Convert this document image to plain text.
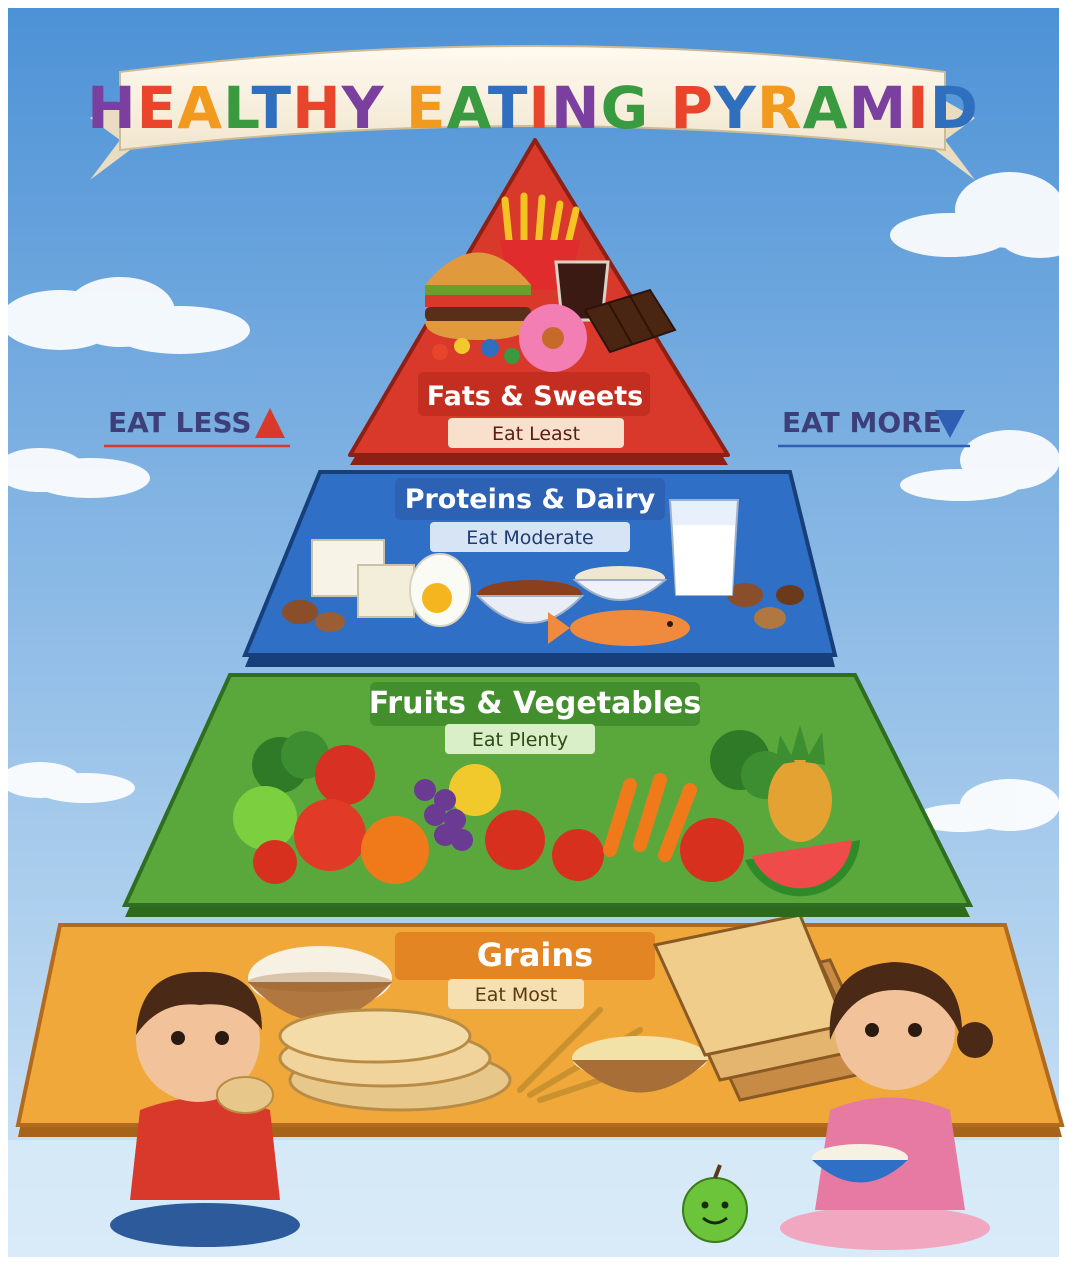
HEALTHY EATING PYRAMID
EAT LESS	EAT MORE
Grains
Eat Most
Fruits & Vegetables
Eat Plenty
Proteins & Dairy
Eat Moderate
Fats & Sweets
Eat Least
